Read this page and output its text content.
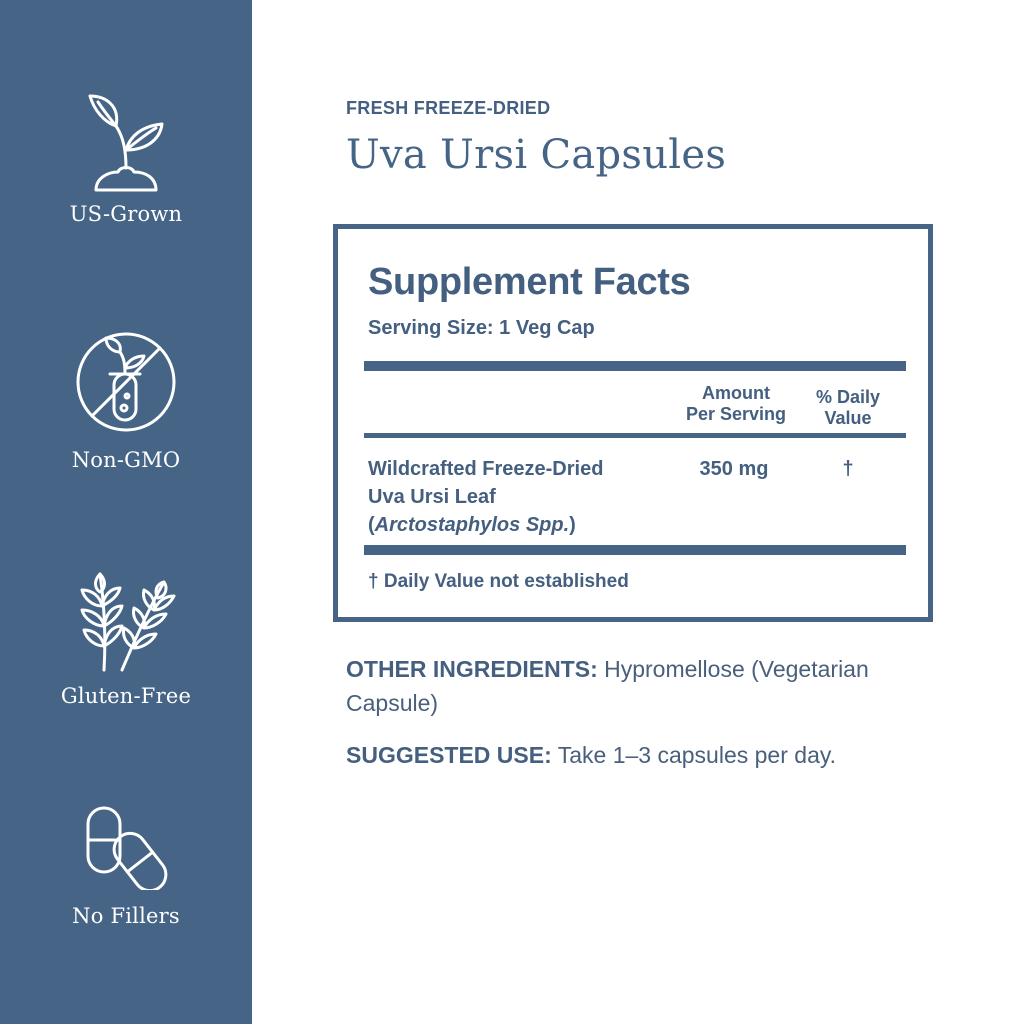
US-Grown
Non-GMO
Gluten-Free
No Fillers
FRESH FREEZE-DRIED
Uva Ursi Capsules
Supplement Facts
Serving Size: 1 Veg Cap
Amount
Per Serving
% Daily
Value
Wildcrafted Freeze-Dried
Uva Ursi Leaf
(Arctostaphylos Spp.)
350 mg	†
† Daily Value not established
OTHER INGREDIENTS: Hypromellose (Vegetarian Capsule)
SUGGESTED USE: Take 1–3 capsules per day.
